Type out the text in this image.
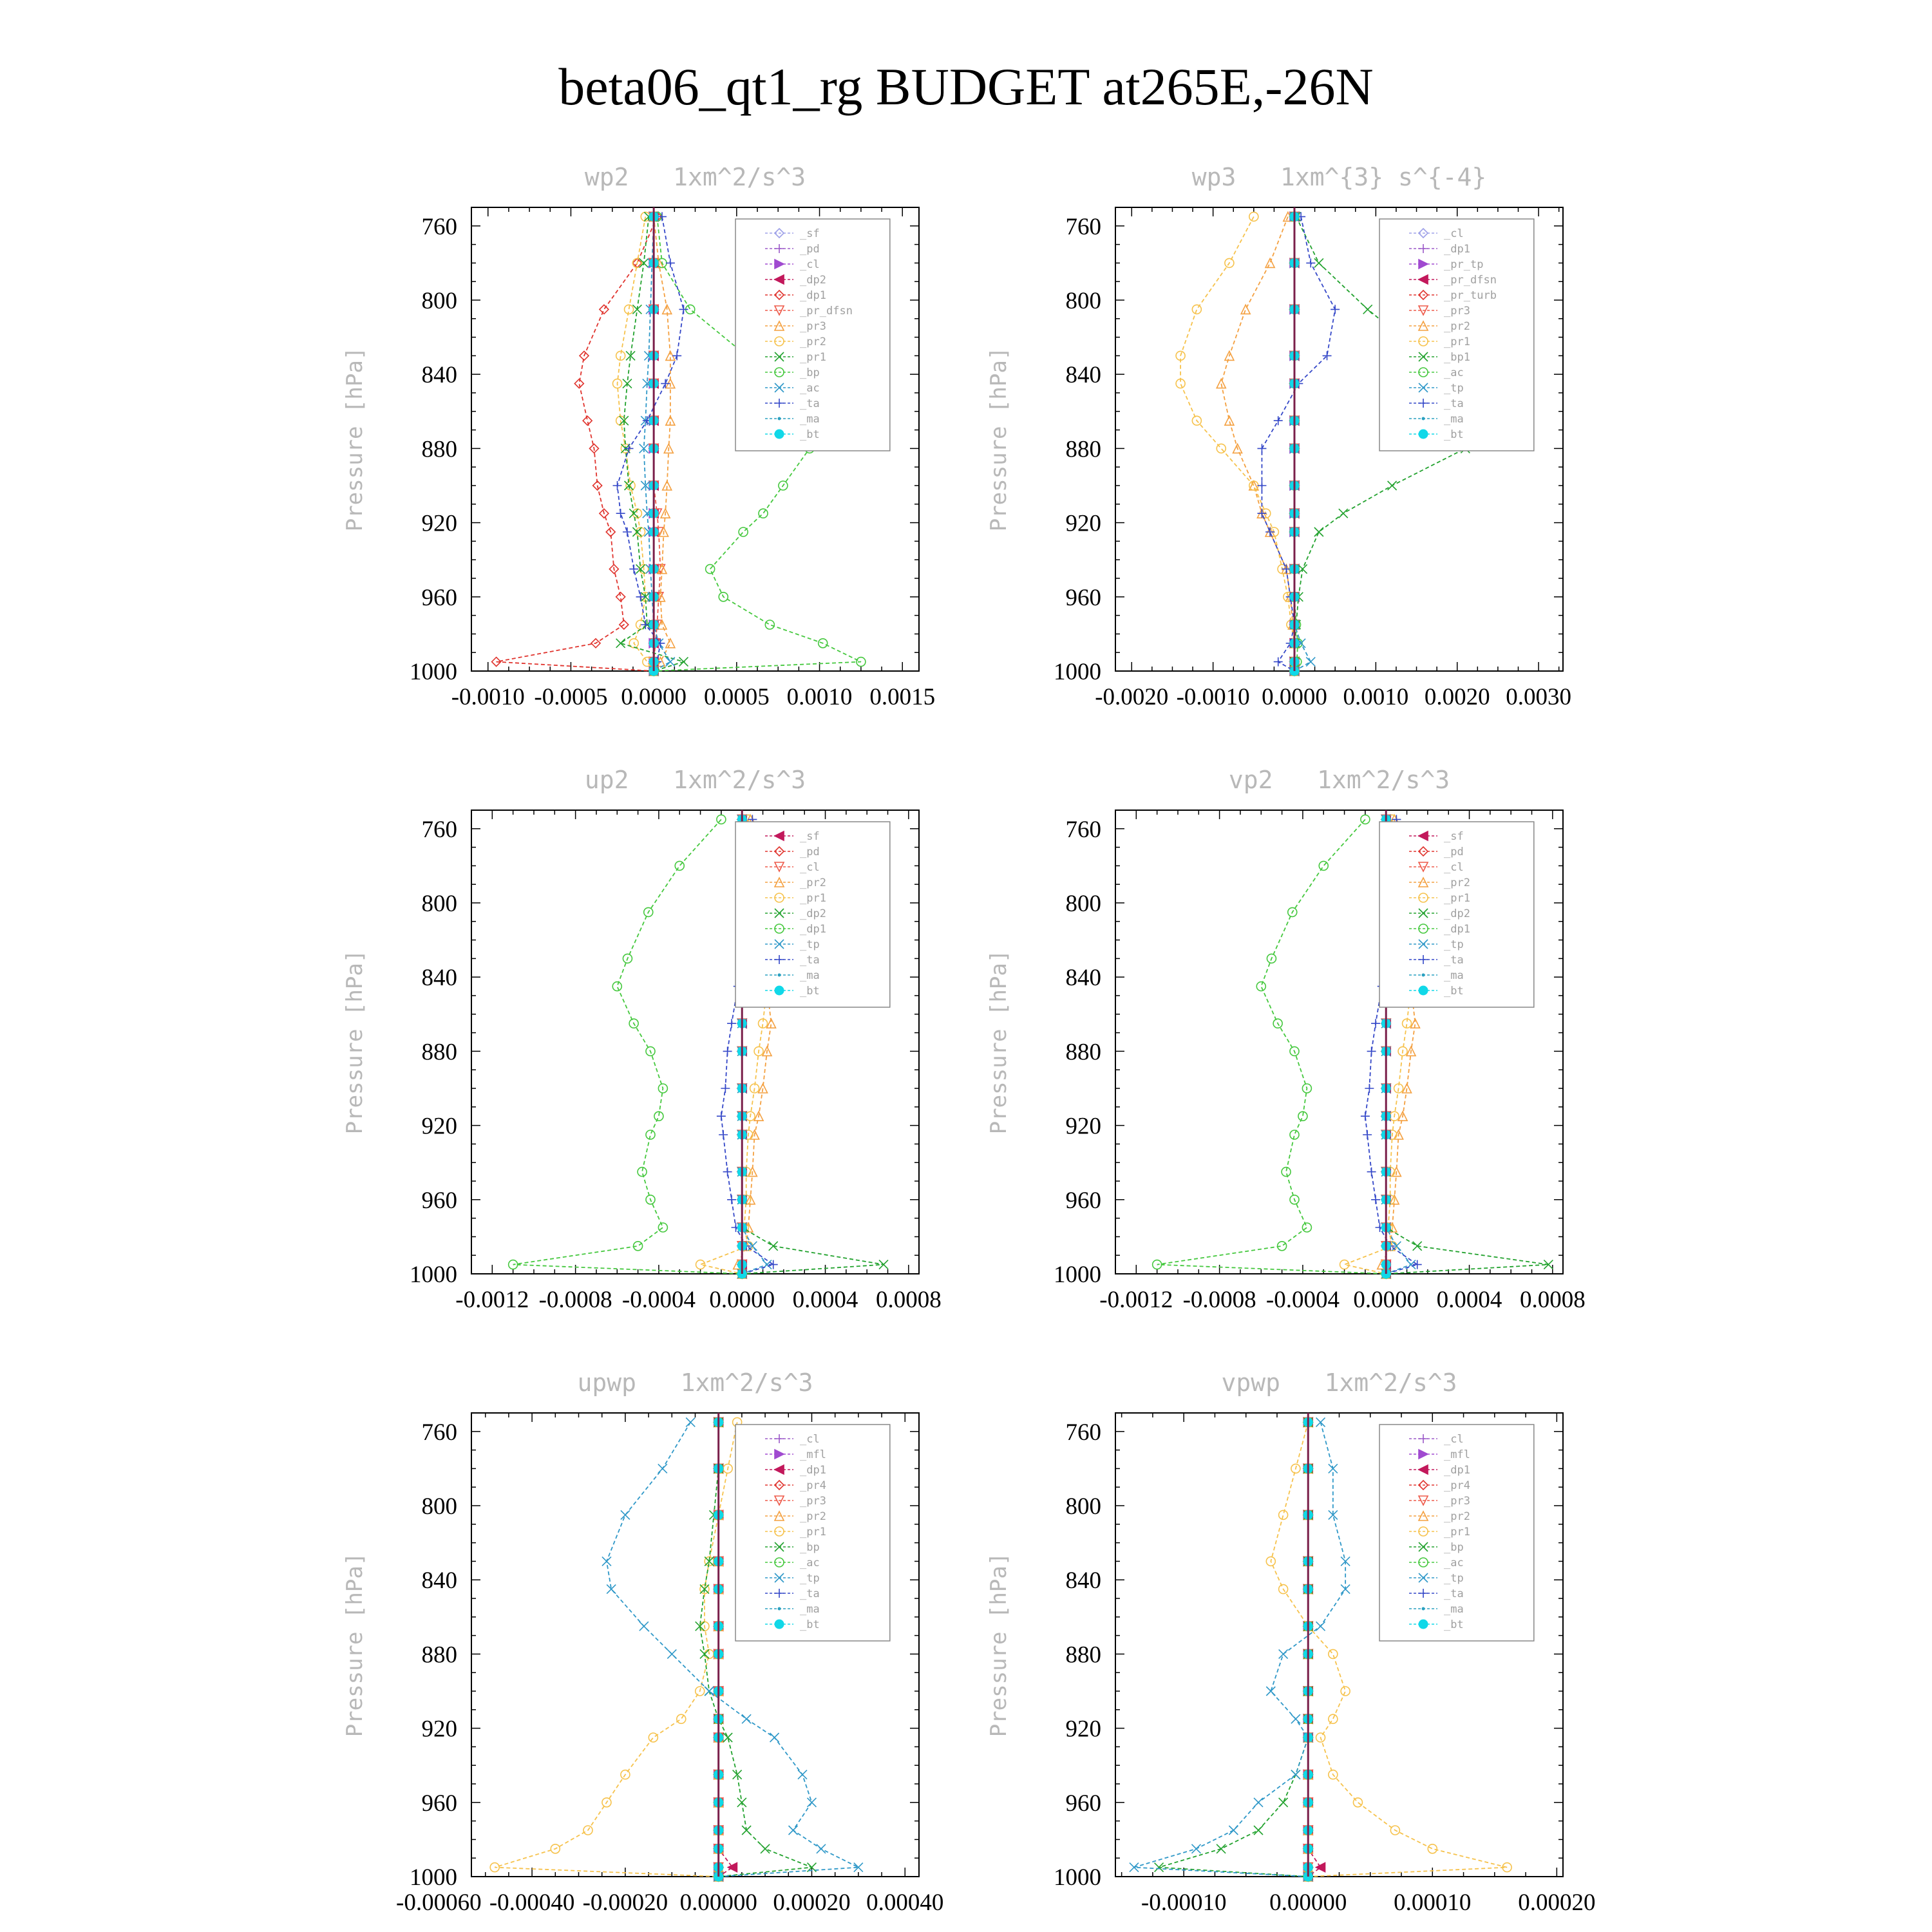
beta06_qt1_rg BUDGET at265E,-26N
wp2   1xm^2/s^3
Pressure [hPa]
760
800
840
880
920
960
1000
-0.0010 -0.0005 0.0000 0.0005 0.0010 0.0015
_sf
_pd
_cl
_dp2
_dp1
_pr_dfsn
_pr3
_pr2
_pr1
_bp
_ac
_ta
_ma
_bt
wp3   1xm^{3} s^{-4}
Pressure [hPa]
760
800
840
880
920
960
1000
-0.0020 -0.0010 0.0000 0.0010 0.0020 0.0030
_cl
_dp1
_pr_tp
_pr_dfsn
_pr_turb
_pr3
_pr2
_pr1
_bp1
_ac
_tp
_ta
_ma
_bt
up2   1xm^2/s^3
Pressure [hPa]
760
800
840
880
920
960
1000
-0.0012 -0.0008 -0.0004 0.0000 0.0004 0.0008
_sf
_pd
_cl
_pr2
_pr1
_dp2
_dp1
_tp
_ta
_ma
_bt
vp2   1xm^2/s^3
Pressure [hPa]
760
800
840
880
920
960
1000
-0.0012 -0.0008 -0.0004 0.0000 0.0004 0.0008
_sf
_pd
_cl
_pr2
_pr1
_dp2
_dp1
_tp
_ta
_ma
_bt
upwp   1xm^2/s^3
Pressure [hPa]
760
800
840
880
920
960
1000
-0.00060 -0.00040 -0.00020 0.00000 0.00020 0.00040
_cl
_mfl
_dp1
_pr4
_pr3
_pr2
_pr1
_bp
_ac
_tp
_ta
_ma
_bt
vpwp   1xm^2/s^3
Pressure [hPa]
760
800
840
880
920
960
1000
-0.00010 0.00000 0.00010 0.00020
_cl
_mfl
_dp1
_pr4
_pr3
_pr2
_pr1
_bp
_ac
_tp
_ta
_ma
_bt
